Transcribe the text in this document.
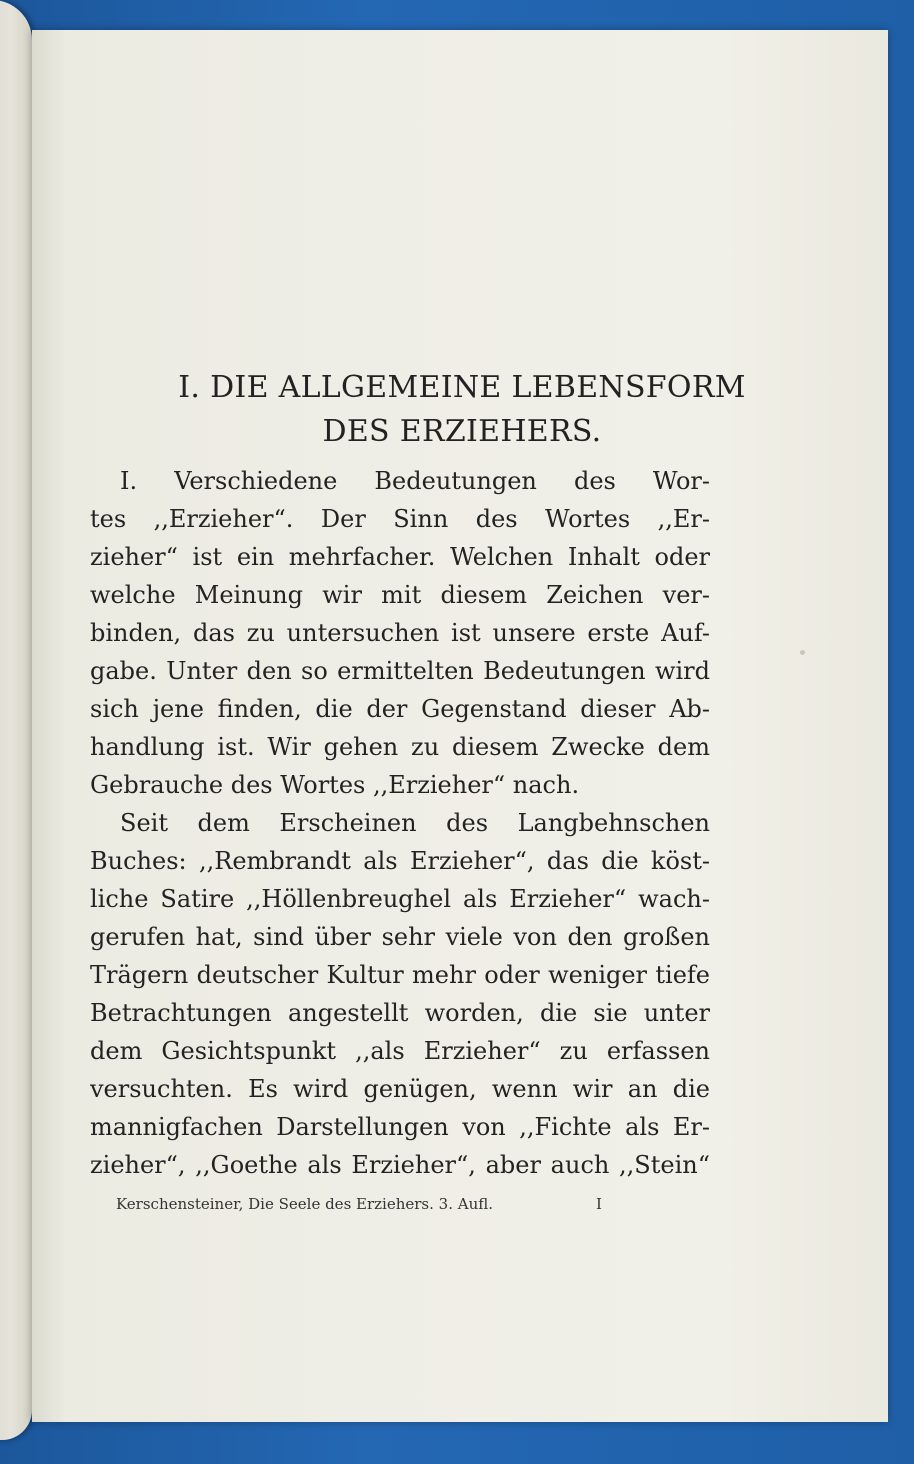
I. DIE ALLGEMEINE LEBENSFORM
DES ERZIEHERS.
I. Verschiedene Bedeutungen des Wor-
tes ,,Erzieher“. Der Sinn des Wortes ,,Er-
zieher“ ist ein mehrfacher. Welchen Inhalt oder
welche Meinung wir mit diesem Zeichen ver-
binden, das zu untersuchen ist unsere erste Auf-
gabe. Unter den so ermittelten Bedeutungen wird
sich jene finden, die der Gegenstand dieser Ab-
handlung ist. Wir gehen zu diesem Zwecke dem
Gebrauche des Wortes ,,Erzieher“ nach.
Seit dem Erscheinen des Langbehnschen
Buches: ,,Rembrandt als Erzieher“, das die köst-
liche Satire ,,Höllenbreughel als Erzieher“ wach-
gerufen hat, sind über sehr viele von den großen
Trägern deutscher Kultur mehr oder weniger tiefe
Betrachtungen angestellt worden, die sie unter
dem Gesichtspunkt ,,als Erzieher“ zu erfassen
versuchten. Es wird genügen, wenn wir an die
mannigfachen Darstellungen von ,,Fichte als Er-
zieher“, ,,Goethe als Erzieher“, aber auch ,,Stein“
Kerschensteiner, Die Seele des Erziehers. 3. Aufl.	I
